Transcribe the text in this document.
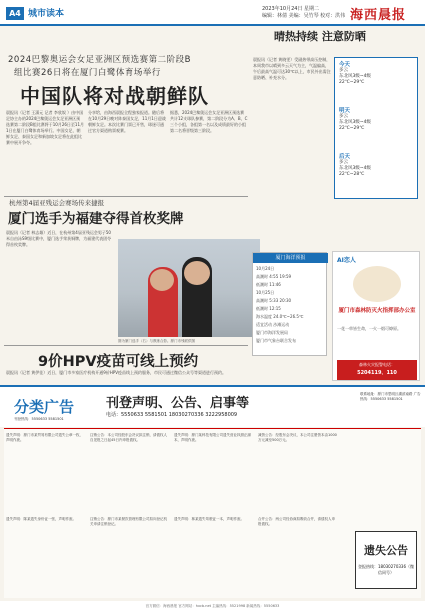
A4 城市读本	2023年10月24日 星期二
编辑：林倩 美编：吴竹琴 校对：洪伟 海西晨报
2024巴黎奥运会女足亚洲区预选赛第二阶段B
组比赛26日将在厦门白鹭体育场举行
中国队将对战朝鲜队
晨报讯（记者 王潇元 记者 李欣娱 ）由中国足协主办的2024巴黎奥运会女足亚洲区预选赛第二阶段B组比赛将于10月26日至11月1日在厦门白鹭体育场举行。中国女足、朝鲜女足、泰国女足和新加坡女足将在此组比赛中展开争夺。
分享给，由海西晨报全程独家报道。随后将在10月29日晚对阵泰国女足，11月1日迎战朝鲜女足。本次比赛门票已开售，球迷可通过官方渠道购票观赛。
据悉，2024巴黎奥运会女足亚洲区预选赛共计12支球队参赛，第二阶段分为A、B、C三个小组，各组第一名以及成绩最好的小组第二名将晋级第三阶段。
杭州第4届亚残运会赛场传来捷报
厦门选手为福建夺得首枚奖牌
晨报讯（记者 林志雄）近日，在杭州第4届亚残运会男子50米自由泳S9级比赛中，厦门选手荣获铜牌，为福建代表团夺得首枚奖牌。
图为厦门选手（右）与教练合影。厦门市残联供图
9价HPV疫苗可线上预约
晨报讯（记者 黄伊佳）近日，厦门市多家医疗机构开通9价HPV疫苗线上预约服务，市民可通过微信公众号等渠道进行预约。
晴热持续 注意防晒
晨报讯（记者 黄晓雯）受副热带高压控制，本周我市以晴到多云天气为主，气温偏高，午后最高气温可达30℃以上，市民外出需注意防晒、补充水分。
今天
多云
东北风3级~4级
22℃~29℃
明天
多云
东北风3级~4级
22℃~29℃
后天
多云
东北风3级~4级
22℃~28℃
厦门海洋预报
10月24日
高潮时 4:55 19:59
低潮时 11:46
10月25日
高潮时 5:33 20:30
低潮时 12:15
海水温度 24.0℃~26.5℃
适宜活动 沙滩运动
厦门市海洋发展局
厦门市气象台联合发布
AI恋人
厦门市森林防灭火指挥部办公室
一花一草皆生命，一火一烟可燎原。
森林火灾报警电话：
5204119、110
分类广告
刊登热线：5550633 5581501
刊登声明、公告、启事等
电话：5550633 5581501 18030270336 3222958009
联系地址：厦门市思明区湖滨南路 广告热线：5550633 5581501
遗失声明：厦门市某贸易有限公司遗失公章一枚，声明作废。
注销公告：本公司经股东会决议拟注销，请债权人自见报之日起45日内申报债权。
遗失声明：厦门某科技有限公司遗失营业执照正副本，声明作废。
减资公告：经股东会决议，本公司注册资本由1000万元减至500万元。
遗失声明：陈某遗失身份证一张，声明作废。	注销公告：厦门市某餐饮管理有限公司拟向登记机关申请注销登记。
遗失声明：林某遗失驾驶证一本，声明作废。	合并公告：两公司经协商拟吸收合并，请债权人申报债权。
遗失公告
登报热线：18030270336（微信同号）
官方微信：海西晨报 官方网站：hxcb.net 主编热线：5521998 新闻热线：5550633
